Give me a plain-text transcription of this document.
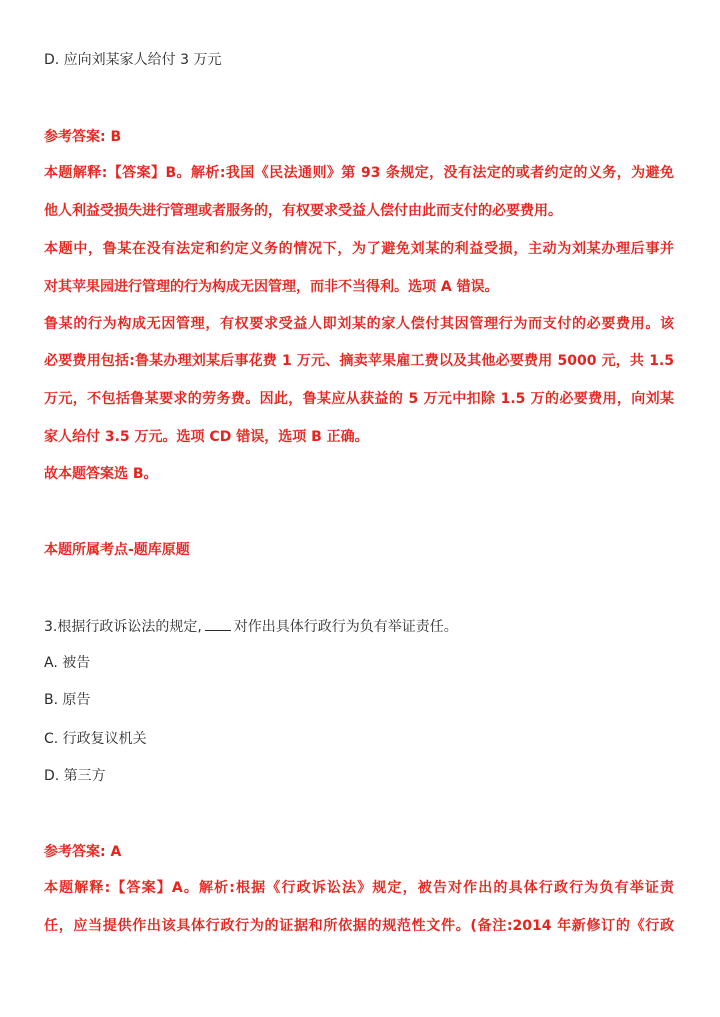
D. 应向刘某家人给付 3 万元
参考答案: B
本题解释:【答案】B。解析:我国《民法通则》第 93 条规定，没有法定的或者约定的义务，为避免
他人利益受损失进行管理或者服务的，有权要求受益人偿付由此而支付的必要费用。
本题中，鲁某在没有法定和约定义务的情况下，为了避免刘某的利益受损，主动为刘某办理后事并
对其苹果园进行管理的行为构成无因管理，而非不当得利。选项 A 错误。
鲁某的行为构成无因管理，有权要求受益人即刘某的家人偿付其因管理行为而支付的必要费用。该
必要费用包括:鲁某办理刘某后事花费 1 万元、摘卖苹果雇工费以及其他必要费用 5000 元，共 1.5
万元，不包括鲁某要求的劳务费。因此，鲁某应从获益的 5 万元中扣除 1.5 万的必要费用，向刘某
家人给付 3.5 万元。选项 CD 错误，选项 B 正确。
故本题答案选 B。
本题所属考点-题库原题
3.根据行政诉讼法的规定, 对作出具体行政行为负有举证责任。
A. 被告
B. 原告
C. 行政复议机关
D. 第三方
参考答案: A
本题解释:【答案】A。解析:根据《行政诉讼法》规定，被告对作出的具体行政行为负有举证责
任，应当提供作出该具体行政行为的证据和所依据的规范性文件。(备注:2014 年新修订的《行政
